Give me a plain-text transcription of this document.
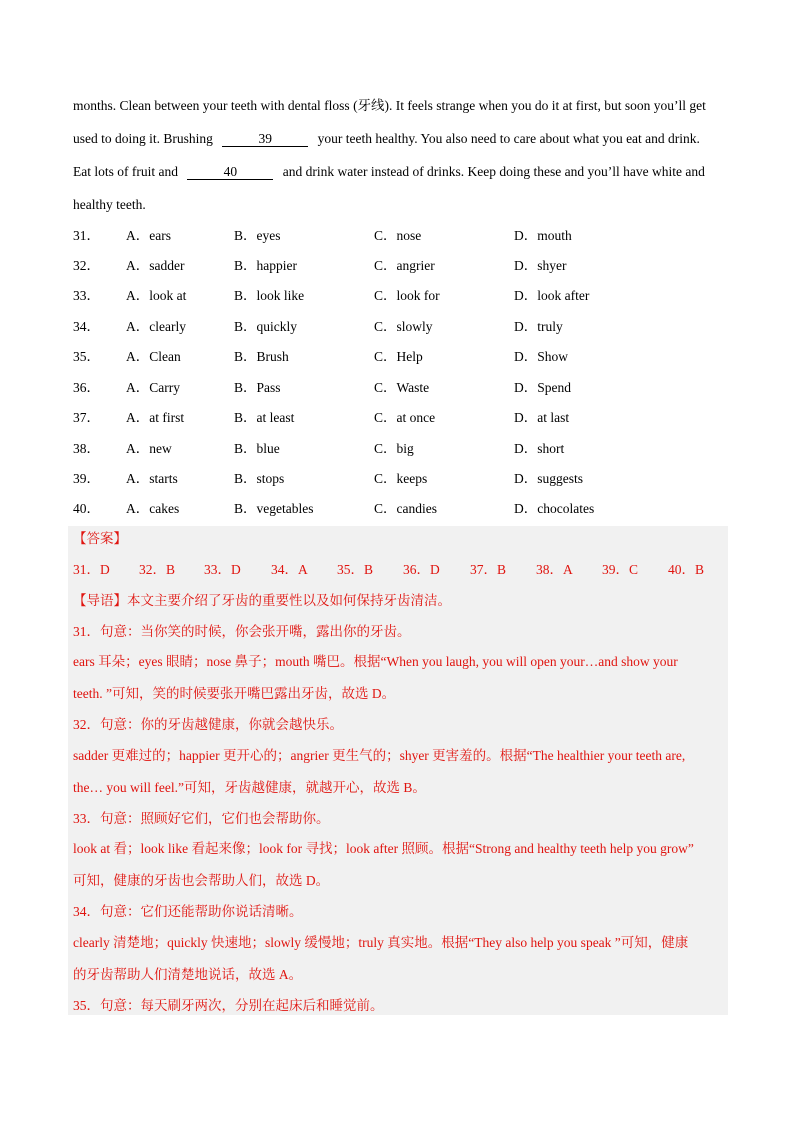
months. Clean between your teeth with dental floss (牙线). It feels strange when you do it at first, but soon you’ll get
used to doing it. Brushing	39	your teeth healthy. You also need to care about what you eat and drink.
Eat lots of fruit and	40	and drink water instead of drinks. Keep doing these and you’ll have white and
healthy teeth.
31． A．ears	B．eyes	C．nose	D．mouth
32． A．sadder	B．happier	C．angrier	D．shyer
33． A．look at	B．look like	C．look for	D．look after
34． A．clearly	B．quickly	C．slowly	D．truly
35． A．Clean	B．Brush	C．Help	D．Show
36． A．Carry	B．Pass	C．Waste	D．Spend
37． A．at first	B．at least	C．at once	D．at last
38． A．new	B．blue	C．big	D．short
39． A．starts	B．stops	C．keeps	D．suggests
40． A．cakes	B．vegetables	C．candies	D．chocolates
【答案】
31．D 32．B 33．D 34．A 35．B 36．D 37．B 38．A 39．C 40．B
【导语】本文主要介绍了牙齿的重要性以及如何保持牙齿清洁。
31．句意：当你笑的时候，你会张开嘴，露出你的牙齿。
ears 耳朵；eyes 眼睛；nose 鼻子；mouth 嘴巴。根据“When you laugh, you will open your…and show your
teeth. ”可知，笑的时候要张开嘴巴露出牙齿，故选 D。
32．句意：你的牙齿越健康，你就会越快乐。
sadder 更难过的；happier 更开心的；angrier 更生气的；shyer 更害羞的。根据“The healthier your teeth are,
the… you will feel.”可知，牙齿越健康，就越开心，故选 B。
33．句意：照顾好它们，它们也会帮助你。
look at 看；look like 看起来像；look for 寻找；look after 照顾。根据“Strong and healthy teeth help you grow”
可知，健康的牙齿也会帮助人们，故选 D。
34．句意：它们还能帮助你说话清晰。
clearly 清楚地；quickly 快速地；slowly 缓慢地；truly 真实地。根据“They also help you speak ”可知，健康
的牙齿帮助人们清楚地说话，故选 A。
35．句意：每天刷牙两次，分别在起床后和睡觉前。
